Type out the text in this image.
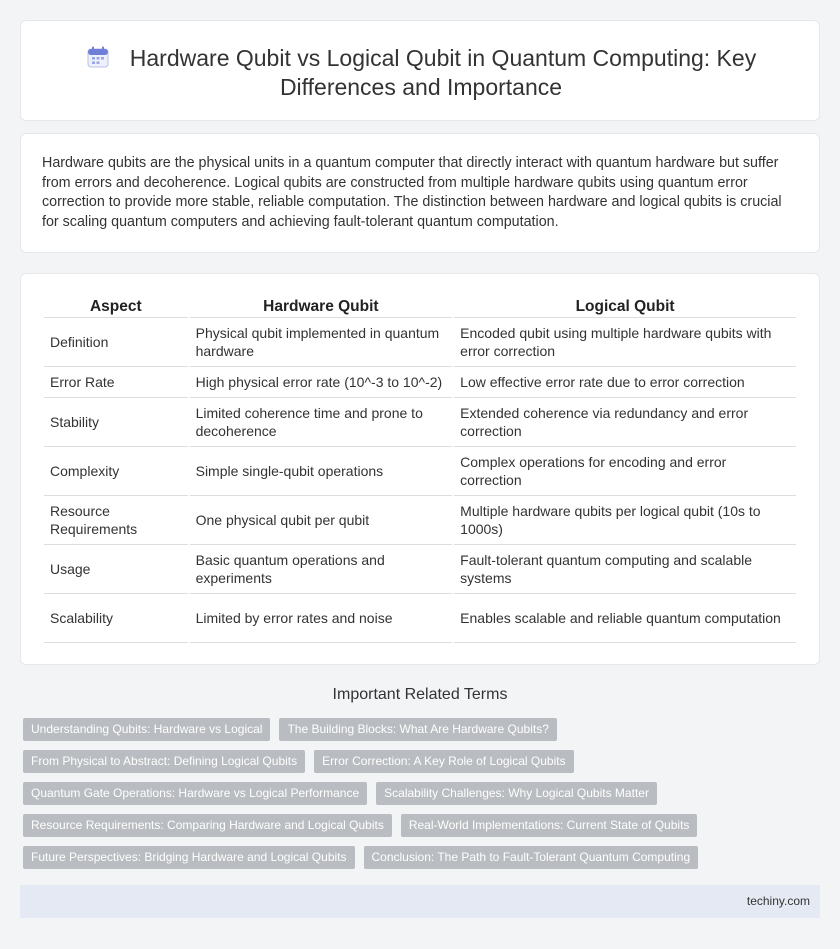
Hardware Qubit vs Logical Qubit in Quantum Computing: Key Differences and Importance

Hardware qubits are the physical units in a quantum computer that directly interact with quantum hardware but suffer from errors and decoherence. Logical qubits are constructed from multiple hardware qubits using quantum error correction to provide more stable, reliable computation. The distinction between hardware and logical qubits is crucial for scaling quantum computers and achieving fault-tolerant quantum computation.

Aspect	Hardware Qubit	Logical Qubit
Definition	Physical qubit implemented in quantum hardware	Encoded qubit using multiple hardware qubits with error correction
Error Rate	High physical error rate (10^-3 to 10^-2)	Low effective error rate due to error correction
Stability	Limited coherence time and prone to decoherence	Extended coherence via redundancy and error correction
Complexity	Simple single-qubit operations	Complex operations for encoding and error correction
Resource Requirements	One physical qubit per qubit	Multiple hardware qubits per logical qubit (10s to 1000s)
Usage	Basic quantum operations and experiments	Fault-tolerant quantum computing and scalable systems
Scalability	Limited by error rates and noise	Enables scalable and reliable quantum computation
Important Related Terms
Understanding Qubits: Hardware vs Logical	The Building Blocks: What Are Hardware Qubits?
From Physical to Abstract: Defining Logical Qubits	Error Correction: A Key Role of Logical Qubits
Quantum Gate Operations: Hardware vs Logical Performance	Scalability Challenges: Why Logical Qubits Matter
Resource Requirements: Comparing Hardware and Logical Qubits	Real-World Implementations: Current State of Qubits
Future Perspectives: Bridging Hardware and Logical Qubits	Conclusion: The Path to Fault-Tolerant Quantum Computing
techiny.com
